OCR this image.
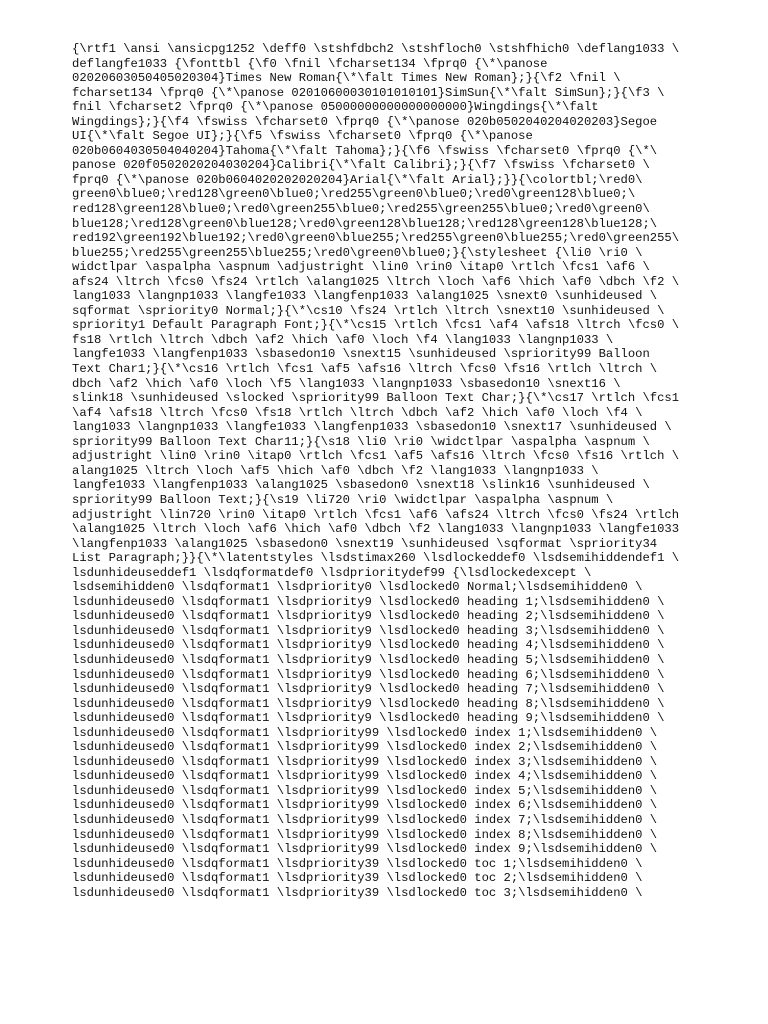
{\rtf1 \ansi \ansicpg1252 \deff0 \stshfdbch2 \stshfloch0 \stshfhich0 \deflang1033 \
deflangfe1033 {\fonttbl {\f0 \fnil \fcharset134 \fprq0 {\*\panose
02020603050405020304}Times New Roman{\*\falt Times New Roman};}{\f2 \fnil \
fcharset134 \fprq0 {\*\panose 02010600030101010101}SimSun{\*\falt SimSun};}{\f3 \
fnil \fcharset2 \fprq0 {\*\panose 05000000000000000000}Wingdings{\*\falt
Wingdings};}{\f4 \fswiss \fcharset0 \fprq0 {\*\panose 020b0502040204020203}Segoe
UI{\*\falt Segoe UI};}{\f5 \fswiss \fcharset0 \fprq0 {\*\panose
020b0604030504040204}Tahoma{\*\falt Tahoma};}{\f6 \fswiss \fcharset0 \fprq0 {\*\
panose 020f0502020204030204}Calibri{\*\falt Calibri};}{\f7 \fswiss \fcharset0 \
fprq0 {\*\panose 020b0604020202020204}Arial{\*\falt Arial};}}{\colortbl;\red0\
green0\blue0;\red128\green0\blue0;\red255\green0\blue0;\red0\green128\blue0;\
red128\green128\blue0;\red0\green255\blue0;\red255\green255\blue0;\red0\green0\
blue128;\red128\green0\blue128;\red0\green128\blue128;\red128\green128\blue128;\
red192\green192\blue192;\red0\green0\blue255;\red255\green0\blue255;\red0\green255\
blue255;\red255\green255\blue255;\red0\green0\blue0;}{\stylesheet {\li0 \ri0 \
widctlpar \aspalpha \aspnum \adjustright \lin0 \rin0 \itap0 \rtlch \fcs1 \af6 \
afs24 \ltrch \fcs0 \fs24 \rtlch \alang1025 \ltrch \loch \af6 \hich \af0 \dbch \f2 \
lang1033 \langnp1033 \langfe1033 \langfenp1033 \alang1025 \snext0 \sunhideused \
sqformat \spriority0 Normal;}{\*\cs10 \fs24 \rtlch \ltrch \snext10 \sunhideused \
spriority1 Default Paragraph Font;}{\*\cs15 \rtlch \fcs1 \af4 \afs18 \ltrch \fcs0 \
fs18 \rtlch \ltrch \dbch \af2 \hich \af0 \loch \f4 \lang1033 \langnp1033 \
langfe1033 \langfenp1033 \sbasedon10 \snext15 \sunhideused \spriority99 Balloon
Text Char1;}{\*\cs16 \rtlch \fcs1 \af5 \afs16 \ltrch \fcs0 \fs16 \rtlch \ltrch \
dbch \af2 \hich \af0 \loch \f5 \lang1033 \langnp1033 \sbasedon10 \snext16 \
slink18 \sunhideused \slocked \spriority99 Balloon Text Char;}{\*\cs17 \rtlch \fcs1
\af4 \afs18 \ltrch \fcs0 \fs18 \rtlch \ltrch \dbch \af2 \hich \af0 \loch \f4 \
lang1033 \langnp1033 \langfe1033 \langfenp1033 \sbasedon10 \snext17 \sunhideused \
spriority99 Balloon Text Char11;}{\s18 \li0 \ri0 \widctlpar \aspalpha \aspnum \
adjustright \lin0 \rin0 \itap0 \rtlch \fcs1 \af5 \afs16 \ltrch \fcs0 \fs16 \rtlch \
alang1025 \ltrch \loch \af5 \hich \af0 \dbch \f2 \lang1033 \langnp1033 \
langfe1033 \langfenp1033 \alang1025 \sbasedon0 \snext18 \slink16 \sunhideused \
spriority99 Balloon Text;}{\s19 \li720 \ri0 \widctlpar \aspalpha \aspnum \
adjustright \lin720 \rin0 \itap0 \rtlch \fcs1 \af6 \afs24 \ltrch \fcs0 \fs24 \rtlch
\alang1025 \ltrch \loch \af6 \hich \af0 \dbch \f2 \lang1033 \langnp1033 \langfe1033
\langfenp1033 \alang1025 \sbasedon0 \snext19 \sunhideused \sqformat \spriority34
List Paragraph;}}{\*\latentstyles \lsdstimax260 \lsdlockeddef0 \lsdsemihiddendef1 \
lsdunhideuseddef1 \lsdqformatdef0 \lsdprioritydef99 {\lsdlockedexcept \
lsdsemihidden0 \lsdqformat1 \lsdpriority0 \lsdlocked0 Normal;\lsdsemihidden0 \
lsdunhideused0 \lsdqformat1 \lsdpriority9 \lsdlocked0 heading 1;\lsdsemihidden0 \
lsdunhideused0 \lsdqformat1 \lsdpriority9 \lsdlocked0 heading 2;\lsdsemihidden0 \
lsdunhideused0 \lsdqformat1 \lsdpriority9 \lsdlocked0 heading 3;\lsdsemihidden0 \
lsdunhideused0 \lsdqformat1 \lsdpriority9 \lsdlocked0 heading 4;\lsdsemihidden0 \
lsdunhideused0 \lsdqformat1 \lsdpriority9 \lsdlocked0 heading 5;\lsdsemihidden0 \
lsdunhideused0 \lsdqformat1 \lsdpriority9 \lsdlocked0 heading 6;\lsdsemihidden0 \
lsdunhideused0 \lsdqformat1 \lsdpriority9 \lsdlocked0 heading 7;\lsdsemihidden0 \
lsdunhideused0 \lsdqformat1 \lsdpriority9 \lsdlocked0 heading 8;\lsdsemihidden0 \
lsdunhideused0 \lsdqformat1 \lsdpriority9 \lsdlocked0 heading 9;\lsdsemihidden0 \
lsdunhideused0 \lsdqformat1 \lsdpriority99 \lsdlocked0 index 1;\lsdsemihidden0 \
lsdunhideused0 \lsdqformat1 \lsdpriority99 \lsdlocked0 index 2;\lsdsemihidden0 \
lsdunhideused0 \lsdqformat1 \lsdpriority99 \lsdlocked0 index 3;\lsdsemihidden0 \
lsdunhideused0 \lsdqformat1 \lsdpriority99 \lsdlocked0 index 4;\lsdsemihidden0 \
lsdunhideused0 \lsdqformat1 \lsdpriority99 \lsdlocked0 index 5;\lsdsemihidden0 \
lsdunhideused0 \lsdqformat1 \lsdpriority99 \lsdlocked0 index 6;\lsdsemihidden0 \
lsdunhideused0 \lsdqformat1 \lsdpriority99 \lsdlocked0 index 7;\lsdsemihidden0 \
lsdunhideused0 \lsdqformat1 \lsdpriority99 \lsdlocked0 index 8;\lsdsemihidden0 \
lsdunhideused0 \lsdqformat1 \lsdpriority99 \lsdlocked0 index 9;\lsdsemihidden0 \
lsdunhideused0 \lsdqformat1 \lsdpriority39 \lsdlocked0 toc 1;\lsdsemihidden0 \
lsdunhideused0 \lsdqformat1 \lsdpriority39 \lsdlocked0 toc 2;\lsdsemihidden0 \
lsdunhideused0 \lsdqformat1 \lsdpriority39 \lsdlocked0 toc 3;\lsdsemihidden0 \
